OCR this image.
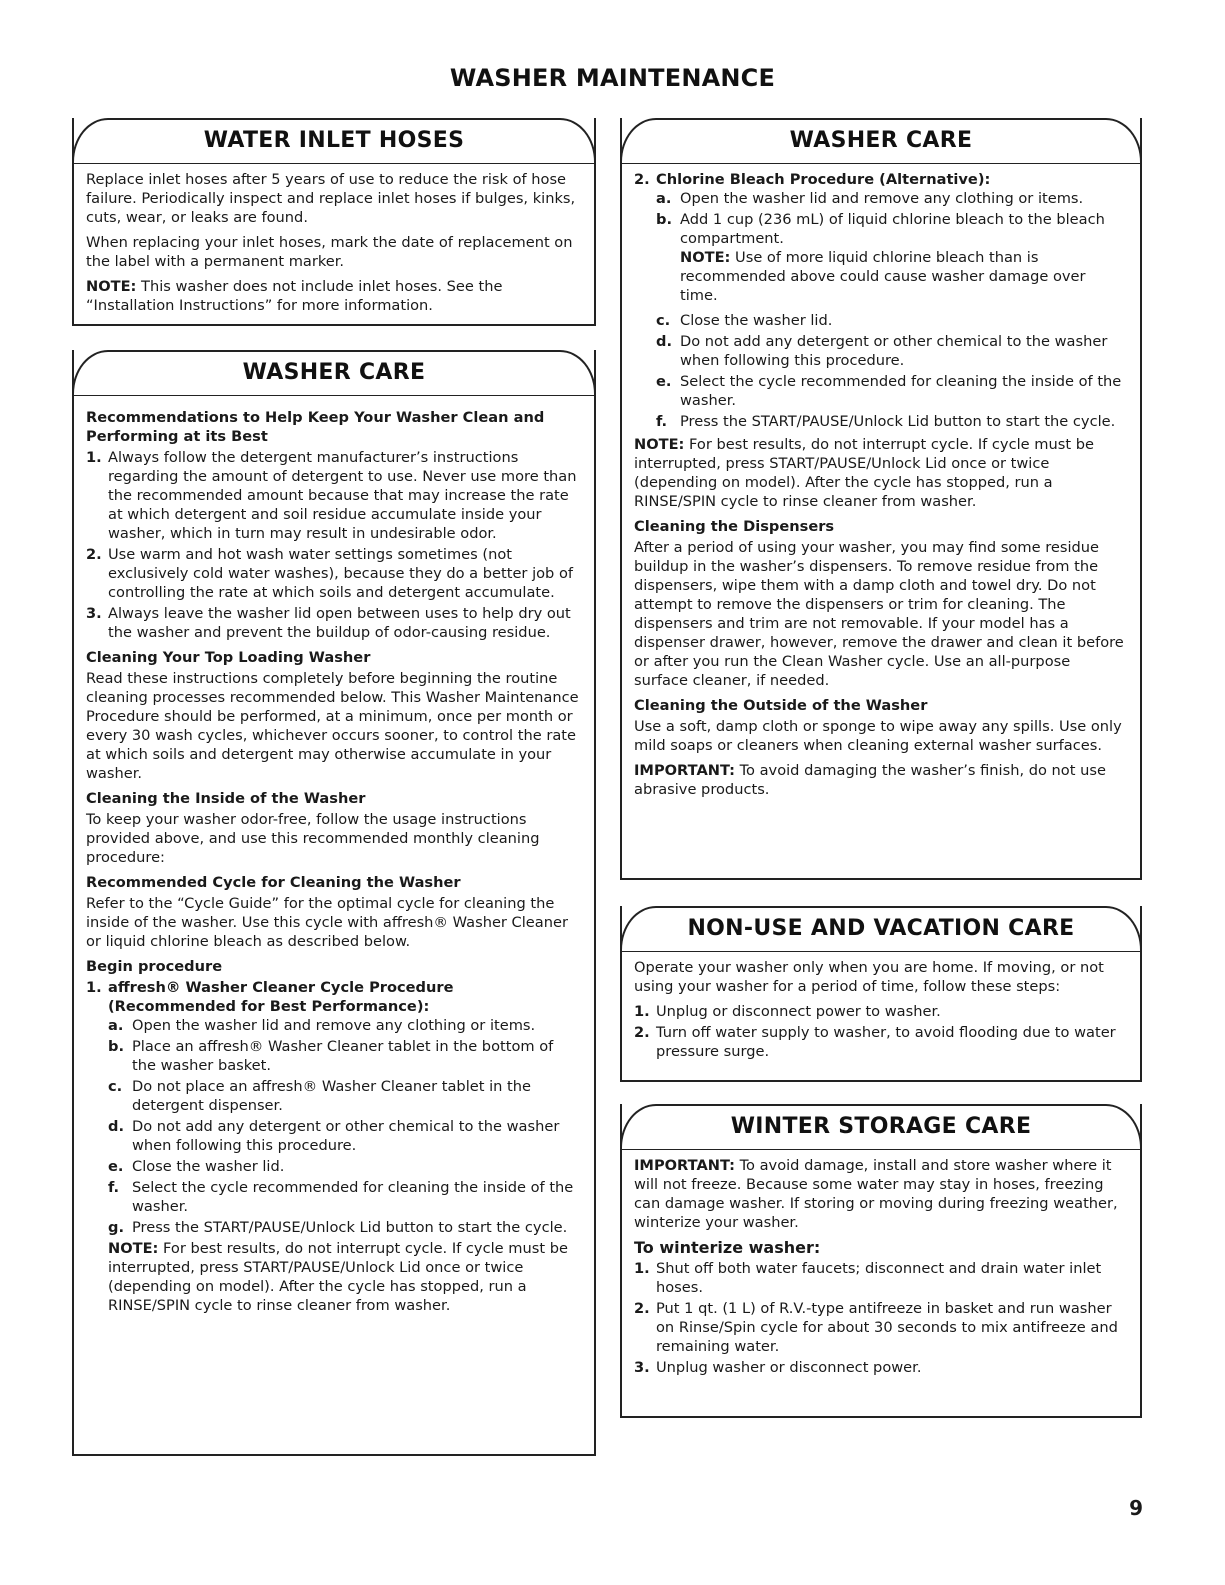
WASHER MAINTENANCE
WATER INLET HOSES

Replace inlet hoses after 5 years of use to reduce the risk of hose failure. Periodically inspect and replace inlet hoses if bulges, kinks, cuts, wear, or leaks are found.

When replacing your inlet hoses, mark the date of replacement on the label with a permanent marker.

NOTE: This washer does not include inlet hoses. See the “Installation Instructions” for more information.

WASHER CARE
Recommendations to Help Keep Your Washer Clean and Performing at its Best
1. Always follow the detergent manufacturer’s instructions regarding the amount of detergent to use. Never use more than the recommended amount because that may increase the rate at which detergent and soil residue accumulate inside your washer, which in turn may result in undesirable odor.
2. Use warm and hot wash water settings sometimes (not exclusively cold water washes), because they do a better job of controlling the rate at which soils and detergent accumulate.
3. Always leave the washer lid open between uses to help dry out the washer and prevent the buildup of odor-causing residue.
Cleaning Your Top Loading Washer

Read these instructions completely before beginning the routine cleaning processes recommended below. This Washer Maintenance Procedure should be performed, at a minimum, once per month or every 30 wash cycles, whichever occurs sooner, to control the rate at which soils and detergent may otherwise accumulate in your washer.

Cleaning the Inside of the Washer

To keep your washer odor-free, follow the usage instructions provided above, and use this recommended monthly cleaning procedure:

Recommended Cycle for Cleaning the Washer

Refer to the “Cycle Guide” for the optimal cycle for cleaning the inside of the washer. Use this cycle with affresh® Washer Cleaner or liquid chlorine bleach as described below.

Begin procedure
1. affresh® Washer Cleaner Cycle Procedure (Recommended for Best Performance):
a. Open the washer lid and remove any clothing or items.
b. Place an affresh® Washer Cleaner tablet in the bottom of the washer basket.
c. Do not place an affresh® Washer Cleaner tablet in the detergent dispenser.
d. Do not add any detergent or other chemical to the washer when following this procedure.
e. Close the washer lid.
f. Select the cycle recommended for cleaning the inside of the washer.
g. Press the START/PAUSE/Unlock Lid button to start the cycle.

NOTE: For best results, do not interrupt cycle. If cycle must be interrupted, press START/PAUSE/Unlock Lid once or twice (depending on model). After the cycle has stopped, run a RINSE/SPIN cycle to rinse cleaner from washer.

WASHER CARE
2. Chlorine Bleach Procedure (Alternative):
a. Open the washer lid and remove any clothing or items.
b. Add 1 cup (236 mL) of liquid chlorine bleach to the bleach compartment.

NOTE: Use of more liquid chlorine bleach than is recommended above could cause washer damage over time.

c. Close the washer lid.
d. Do not add any detergent or other chemical to the washer when following this procedure.
e. Select the cycle recommended for cleaning the inside of the washer.
f. Press the START/PAUSE/Unlock Lid button to start the cycle.

NOTE: For best results, do not interrupt cycle. If cycle must be interrupted, press START/PAUSE/Unlock Lid once or twice (depending on model). After the cycle has stopped, run a RINSE/SPIN cycle to rinse cleaner from washer.

Cleaning the Dispensers

After a period of using your washer, you may find some residue buildup in the washer’s dispensers. To remove residue from the dispensers, wipe them with a damp cloth and towel dry. Do not attempt to remove the dispensers or trim for cleaning. The dispensers and trim are not removable. If your model has a dispenser drawer, however, remove the drawer and clean it before or after you run the Clean Washer cycle. Use an all-purpose surface cleaner, if needed.

Cleaning the Outside of the Washer

Use a soft, damp cloth or sponge to wipe away any spills. Use only mild soaps or cleaners when cleaning external washer surfaces.

IMPORTANT: To avoid damaging the washer’s finish, do not use abrasive products.

NON-USE AND VACATION CARE

Operate your washer only when you are home. If moving, or not using your washer for a period of time, follow these steps:

1. Unplug or disconnect power to washer.
2. Turn off water supply to washer, to avoid flooding due to water pressure surge.
WINTER STORAGE CARE

IMPORTANT: To avoid damage, install and store washer where it will not freeze. Because some water may stay in hoses, freezing can damage washer. If storing or moving during freezing weather, winterize your washer.

To winterize washer:
1. Shut off both water faucets; disconnect and drain water inlet hoses.
2. Put 1 qt. (1 L) of R.V.-type antifreeze in basket and run washer on Rinse/Spin cycle for about 30 seconds to mix antifreeze and remaining water.
3. Unplug washer or disconnect power.
9
